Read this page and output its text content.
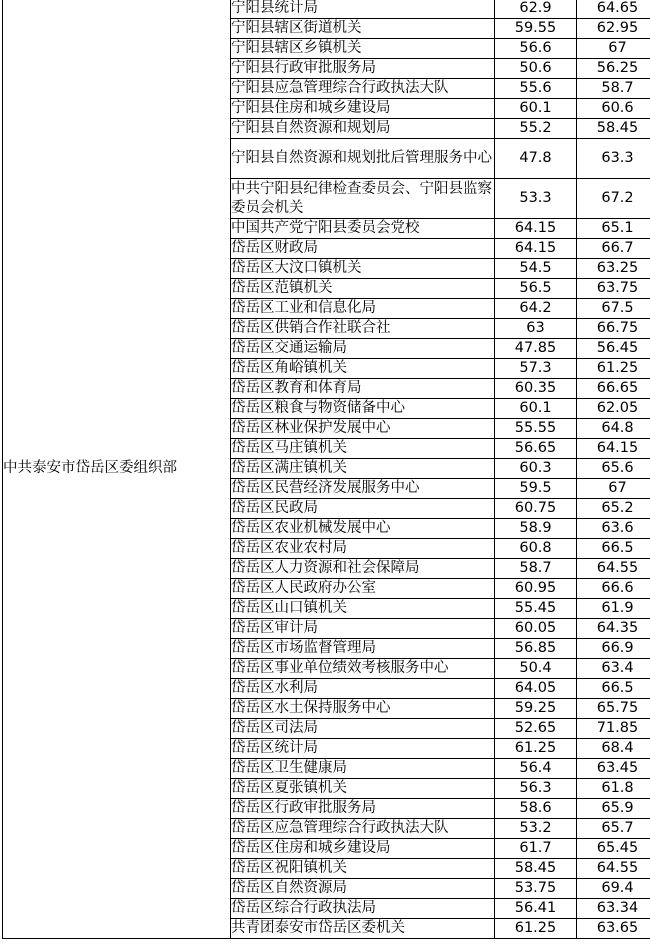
中共泰安市岱岳区委组织部	宁阳县统计局	62.9	64.65
	宁阳县辖区街道机关	59.55	62.95
	宁阳县辖区乡镇机关	56.6	67
	宁阳县行政审批服务局	50.6	56.25
	宁阳县应急管理综合行政执法大队	55.6	58.7
	宁阳县住房和城乡建设局	60.1	60.6
	宁阳县自然资源和规划局	55.2	58.45
	宁阳县自然资源和规划批后管理服务中心	47.8	63.3
	中共宁阳县纪律检查委员会、宁阳县监察委员会机关	53.3	67.2
	中国共产党宁阳县委员会党校	64.15	65.1
	岱岳区财政局	64.15	66.7
	岱岳区大汶口镇机关	54.5	63.25
	岱岳区范镇机关	56.5	63.75
	岱岳区工业和信息化局	64.2	67.5
	岱岳区供销合作社联合社	63	66.75
	岱岳区交通运输局	47.85	56.45
	岱岳区角峪镇机关	57.3	61.25
	岱岳区教育和体育局	60.35	66.65
	岱岳区粮食与物资储备中心	60.1	62.05
	岱岳区林业保护发展中心	55.55	64.8
	岱岳区马庄镇机关	56.65	64.15
	岱岳区满庄镇机关	60.3	65.6
	岱岳区民营经济发展服务中心	59.5	67
	岱岳区民政局	60.75	65.2
	岱岳区农业机械发展中心	58.9	63.6
	岱岳区农业农村局	60.8	66.5
	岱岳区人力资源和社会保障局	58.7	64.55
	岱岳区人民政府办公室	60.95	66.6
	岱岳区山口镇机关	55.45	61.9
	岱岳区审计局	60.05	64.35
	岱岳区市场监督管理局	56.85	66.9
	岱岳区事业单位绩效考核服务中心	50.4	63.4
	岱岳区水利局	64.05	66.5
	岱岳区水土保持服务中心	59.25	65.75
	岱岳区司法局	52.65	71.85
	岱岳区统计局	61.25	68.4
	岱岳区卫生健康局	56.4	63.45
	岱岳区夏张镇机关	56.3	61.8
	岱岳区行政审批服务局	58.6	65.9
	岱岳区应急管理综合行政执法大队	53.2	65.7
	岱岳区住房和城乡建设局	61.7	65.45
	岱岳区祝阳镇机关	58.45	64.55
	岱岳区自然资源局	53.75	69.4
	岱岳区综合行政执法局	56.41	63.34
	共青团泰安市岱岳区委机关	61.25	63.65
